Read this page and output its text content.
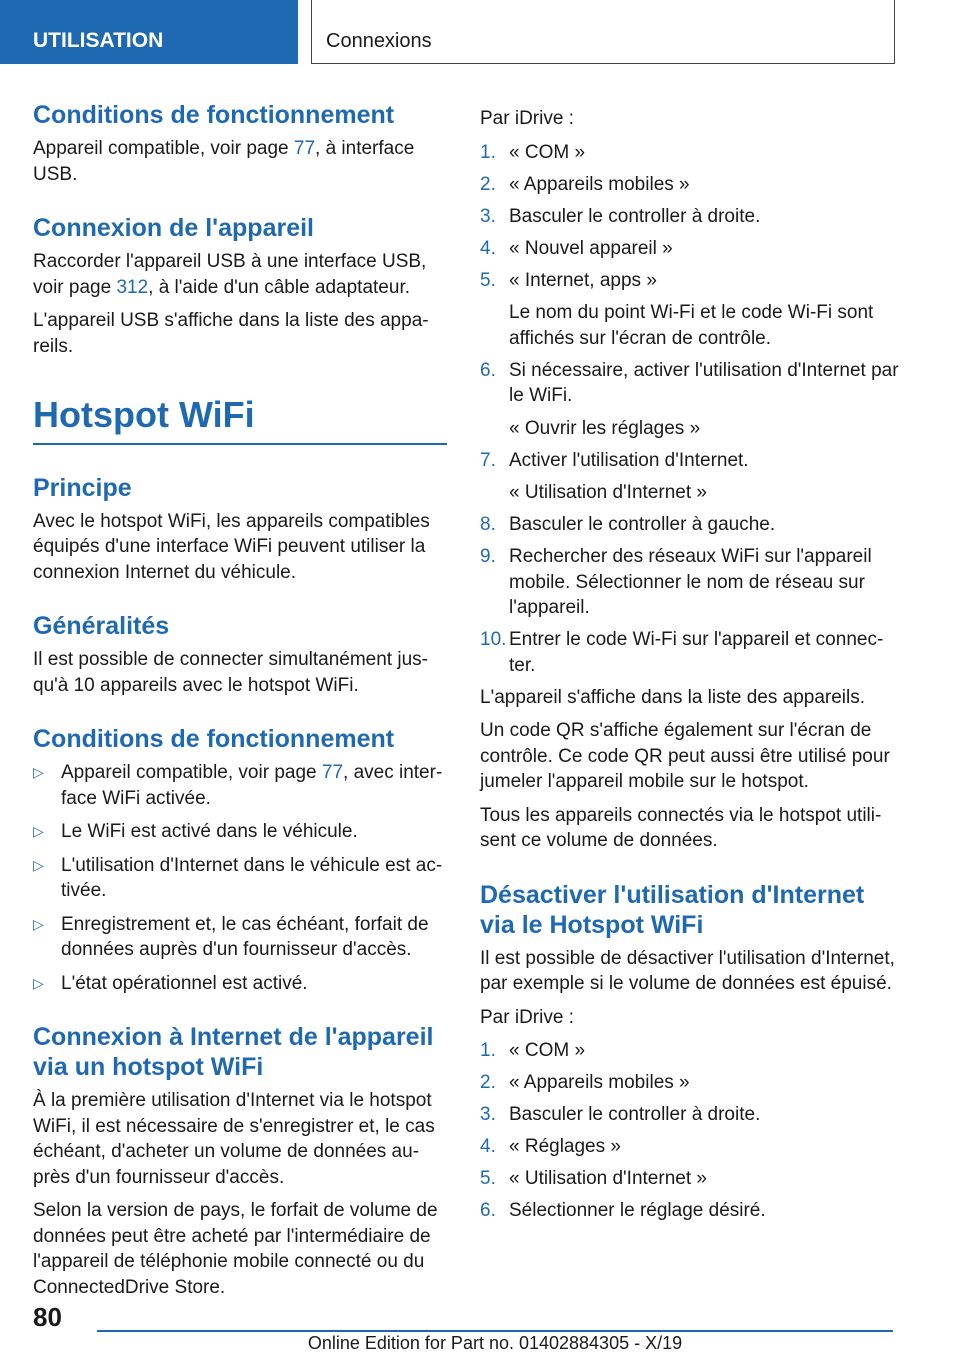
UTILISATION	Connexions
Conditions de fonctionnement

Appareil compatible, voir page 77, à interface USB.

Connexion de l'appareil

Raccorder l'appareil USB à une interface USB, voir page 312, à l'aide d'un câble adaptateur.

L'appareil USB s'affiche dans la liste des appareils.

Hotspot WiFi
Principe

Avec le hotspot WiFi, les appareils compatibles équipés d'une interface WiFi peuvent utiliser la connexion Internet du véhicule.

Généralités

Il est possible de connecter simultanément jusqu'à 10 appareils avec le hotspot WiFi.

Conditions de fonctionnement
▷ Appareil compatible, voir page 77, avec interface WiFi activée.
▷ Le WiFi est activé dans le véhicule.
▷ L'utilisation d'Internet dans le véhicule est activée.
▷ Enregistrement et, le cas échéant, forfait de données auprès d'un fournisseur d'accès.
▷ L'état opérationnel est activé.
Connexion à Internet de l'appareil via un hotspot WiFi

À la première utilisation d'Internet via le hotspot WiFi, il est nécessaire de s'enregistrer et, le cas échéant, d'acheter un volume de données auprès d'un fournisseur d'accès.

Selon la version de pays, le forfait de volume de données peut être acheté par l'intermédiaire de l'appareil de téléphonie mobile connecté ou du ConnectedDrive Store.

Par iDrive :

1. « COM »
2. « Appareils mobiles »
3. Basculer le controller à droite.
4. « Nouvel appareil »
5. « Internet, apps »
Le nom du point Wi-Fi et le code Wi-Fi sont affichés sur l'écran de contrôle.
6. Si nécessaire, activer l'utilisation d'Internet par le WiFi.
« Ouvrir les réglages »
7. Activer l'utilisation d'Internet.
« Utilisation d'Internet »
8. Basculer le controller à gauche.
9. Rechercher des réseaux WiFi sur l'appareil mobile. Sélectionner le nom de réseau sur l'appareil.
10. Entrer le code Wi-Fi sur l'appareil et connecter.

L'appareil s'affiche dans la liste des appareils.

Un code QR s'affiche également sur l'écran de contrôle. Ce code QR peut aussi être utilisé pour jumeler l'appareil mobile sur le hotspot.

Tous les appareils connectés via le hotspot utilisent ce volume de données.

Désactiver l'utilisation d'Internet via le Hotspot WiFi

Il est possible de désactiver l'utilisation d'Internet, par exemple si le volume de données est épuisé.

Par iDrive :

1. « COM »
2. « Appareils mobiles »
3. Basculer le controller à droite.
4. « Réglages »
5. « Utilisation d'Internet »
6. Sélectionner le réglage désiré.
80
Online Edition for Part no. 01402884305 - X/19
